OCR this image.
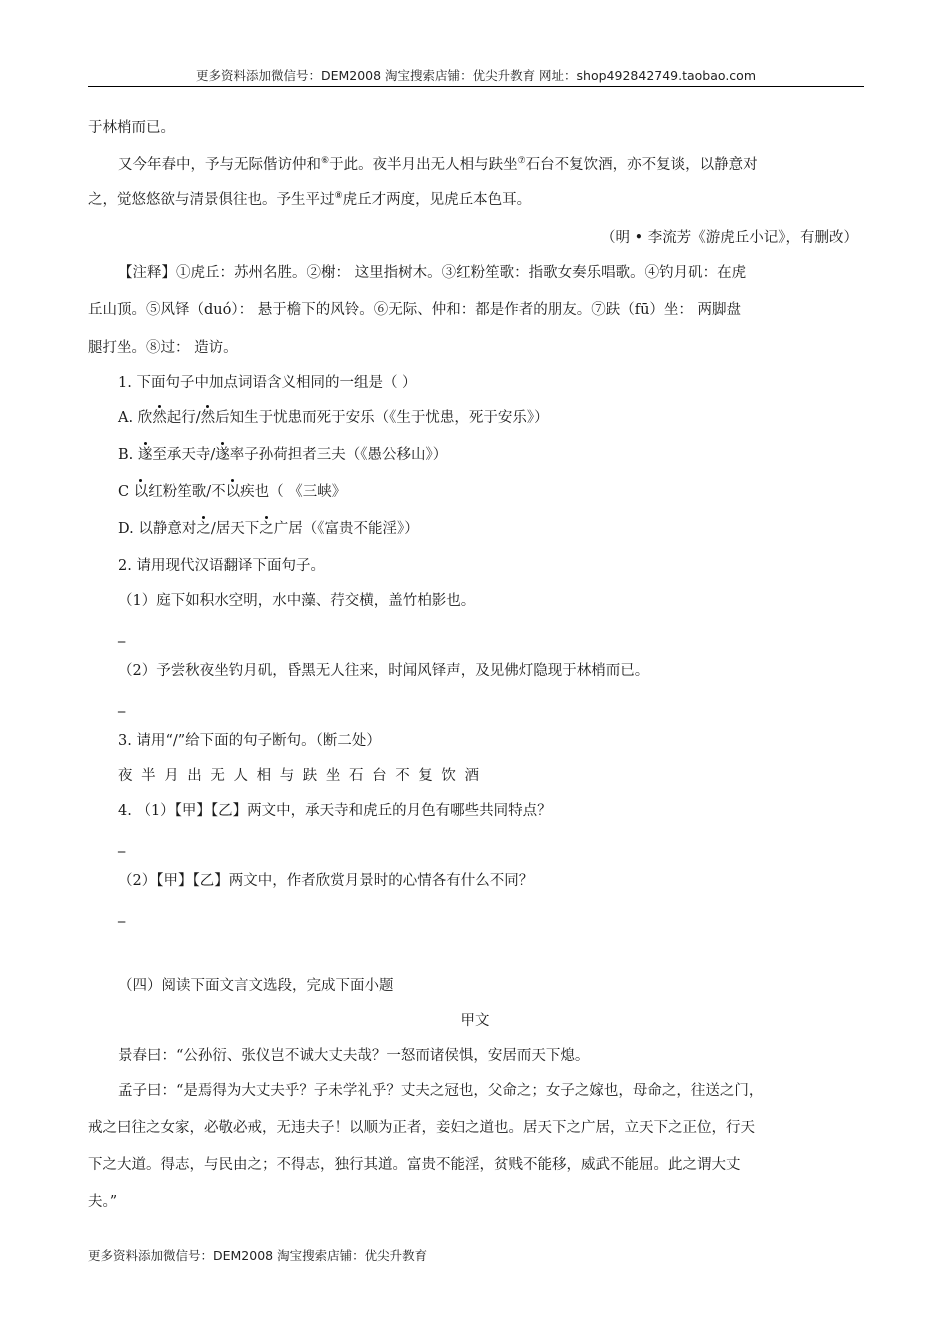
更多资料添加微信号：DEM2008 淘宝搜索店铺：优尖升教育 网址：shop492842749.taobao.com
于林梢而已。
又今年春中，予与无际偕访仲和⑥于此。夜半月出无人相与趺坐⑦石台不复饮酒，亦不复谈，以静意对
之，觉悠悠欲与清景俱往也。予生平过⑧虎丘才两度，见虎丘本色耳。
（明 • 李流芳《游虎丘小记》，有删改）
【注释】①虎丘：苏州名胜。②榭： 这里指树木。③红粉笙歌：指歌女奏乐唱歌。④钓月矶：在虎
丘山顶。⑤风铎（duó）： 悬于檐下的风铃。⑥无际、仲和：都是作者的朋友。⑦趺（fū）坐： 两脚盘
腿打坐。⑧过： 造访。
1. 下面句子中加点词语含义相同的一组是（ ）
A. 欣然起行/然后知生于忧患而死于安乐（《生于忧患，死于安乐》）
B. 遂至承天寺/遂率子孙荷担者三夫（《愚公移山》）
C 以红粉笙歌/不以疾也（ 《三峡》
D. 以静意对之/居天下之广居（《富贵不能淫》）
2. 请用现代汉语翻译下面句子。
（1）庭下如积水空明，水中藻、荇交横，盖竹柏影也。
_
（2）予尝秋夜坐钓月矶，昏黑无人往来，时闻风铎声，及见佛灯隐现于林梢而已。
_
3. 请用“/”给下面的句子断句。（断二处）
夜半月出无人相与趺坐石台不复饮酒
4. （1）【甲】【乙】两文中，承天寺和虎丘的月色有哪些共同特点？
_
（2）【甲】【乙】两文中，作者欣赏月景时的心情各有什么不同？
_
（四）阅读下面文言文选段，完成下面小题
甲文
景春曰：“公孙衍、张仪岂不诚大丈夫哉？一怒而诸侯惧，安居而天下熄。
孟子曰：“是焉得为大丈夫乎？子未学礼乎？丈夫之冠也，父命之；女子之嫁也，母命之，往送之门，
戒之曰往之女家，必敬必戒，无违夫子！以顺为正者，妾妇之道也。居天下之广居，立天下之正位，行天
下之大道。得志，与民由之；不得志，独行其道。富贵不能淫，贫贱不能移，威武不能屈。此之谓大丈
夫。”
更多资料添加微信号：DEM2008 淘宝搜索店铺：优尖升教育
